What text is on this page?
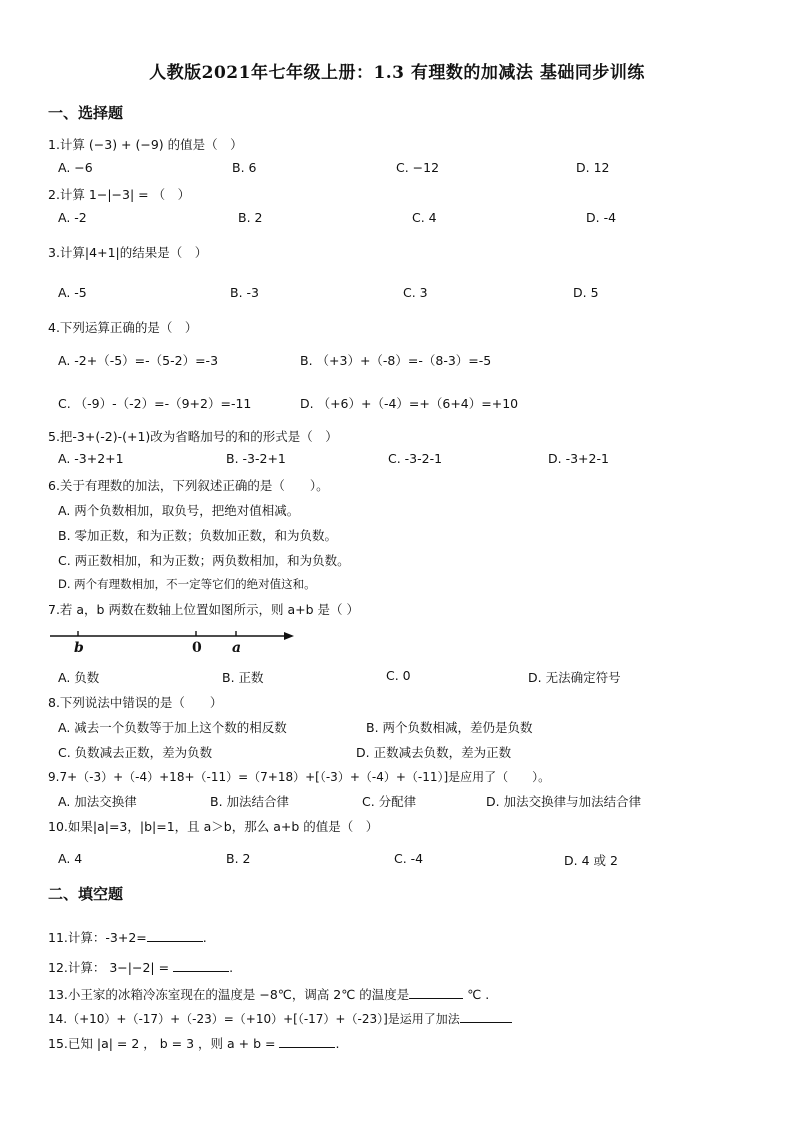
人教版2021年七年级上册：1.3 有理数的加减法 基础同步训练
一、选择题
1.计算 (−3) + (−9) 的值是（　）
A. −6	B. 6	C. −12	D. 12
2.计算 1−|−3| = （　）
A. -2	B. 2	C. 4	D. -4
3.计算|4+1|的结果是（　）
A. -5	B. -3	C. 3	D. 5
4.下列运算正确的是（　）
A. -2+（-5）=-（5-2）=-3	B. （+3）+（-8）=-（8-3）=-5
C. （-9）-（-2）=-（9+2）=-11	D. （+6）+（-4）=+（6+4）=+10
5.把-3+(-2)-(+1)改为省略加号的和的形式是（　）
A. -3+2+1	B. -3-2+1	C. -3-2-1	D. -3+2-1
6.关于有理数的加法，下列叙述正确的是（　　）。
A. 两个负数相加，取负号，把绝对值相减。
B. 零加正数，和为正数；负数加正数，和为负数。
C. 两正数相加，和为正数；两负数相加，和为负数。
D. 两个有理数相加，不一定等它们的绝对值这和。
7.若 a，b 两数在数轴上位置如图所示，则 a+b 是（ ）
b	0 a
A. 负数	B. 正数	C. 0	D. 无法确定符号
8.下列说法中错误的是（　　）
A. 减去一个负数等于加上这个数的相反数	B. 两个负数相减，差仍是负数
C. 负数减去正数，差为负数	D. 正数减去负数，差为正数
9.7+（-3）+（-4）+18+（-11）=（7+18）+[（-3）+（-4）+（-11）]是应用了（　　）。
A. 加法交换律	B. 加法结合律	C. 分配律	D. 加法交换律与加法结合律
10.如果|a|=3，|b|=1，且 a＞b，那么 a+b 的值是（　）
A. 4	B. 2	C. -4	D. 4 或 2
二、填空题
11.计算：-3+2=	.
12.计算： 3−|−2| =	.
13.小王家的冰箱冷冻室现在的温度是 −8℃，调高 2℃ 的温度是	℃ .
14.（+10）+（-17）+（-23）=（+10）+[（-17）+（-23）]是运用了加法
15.已知 |a| = 2 ， b = 3 ，则 a + b =	.
